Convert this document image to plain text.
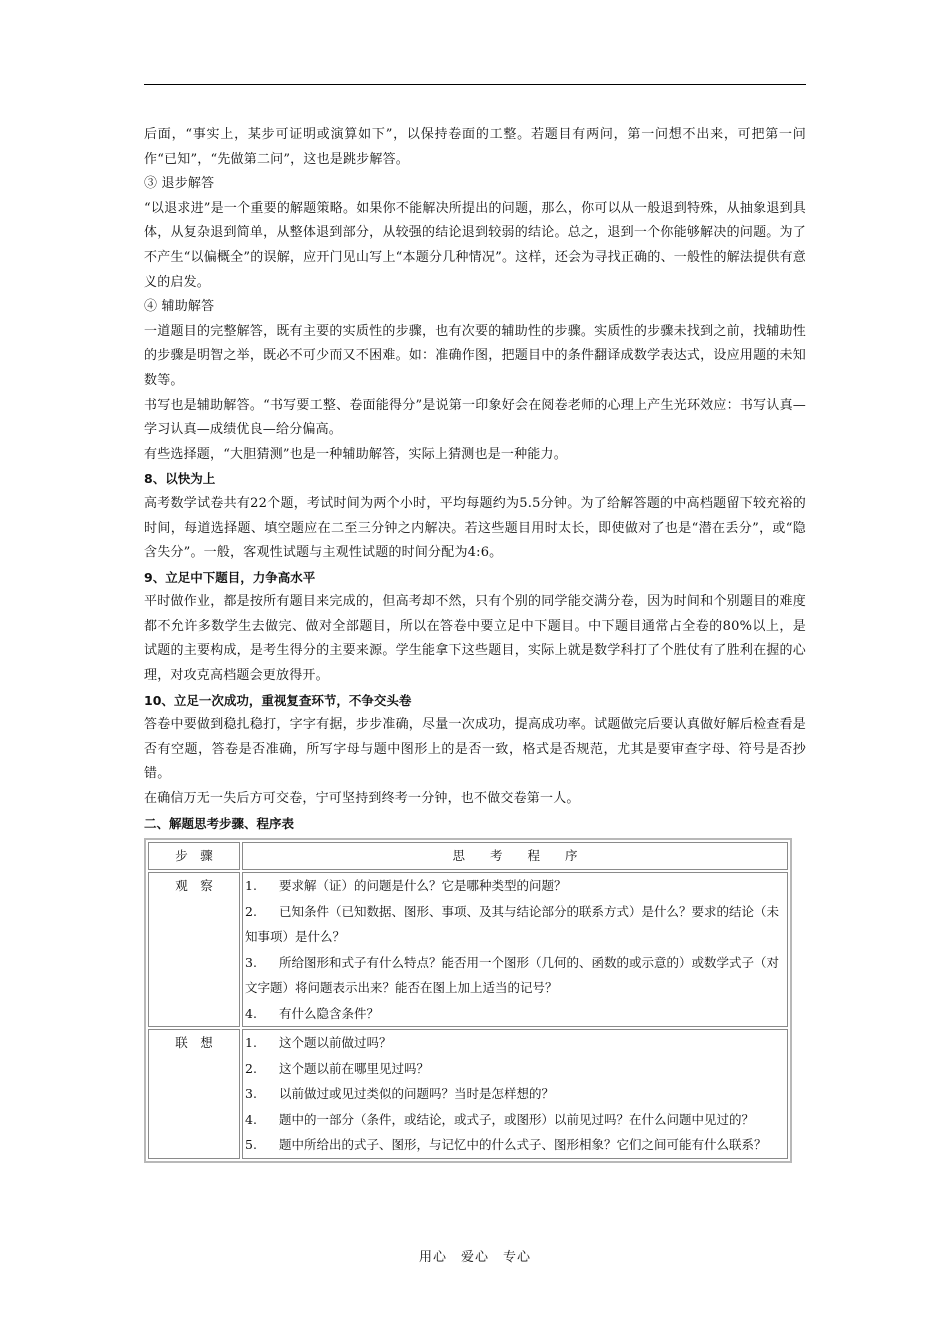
后面，“事实上，某步可证明或演算如下”，以保持卷面的工整。若题目有两问，第一问想不出来，可把第一问作“已知”，“先做第二问”，这也是跳步解答。

③ 退步解答

“以退求进”是一个重要的解题策略。如果你不能解决所提出的问题，那么，你可以从一般退到特殊，从抽象退到具体，从复杂退到简单，从整体退到部分，从较强的结论退到较弱的结论。总之，退到一个你能够解决的问题。为了不产生“以偏概全”的误解，应开门见山写上“本题分几种情况”。这样，还会为寻找正确的、一般性的解法提供有意义的启发。

④ 辅助解答

一道题目的完整解答，既有主要的实质性的步骤，也有次要的辅助性的步骤。实质性的步骤未找到之前，找辅助性的步骤是明智之举，既必不可少而又不困难。如：准确作图，把题目中的条件翻译成数学表达式，设应用题的未知数等。

书写也是辅助解答。“书写要工整、卷面能得分”是说第一印象好会在阅卷老师的心理上产生光环效应：书写认真—学习认真—成绩优良—给分偏高。

有些选择题，“大胆猜测”也是一种辅助解答，实际上猜测也是一种能力。

8、以快为上

高考数学试卷共有22个题，考试时间为两个小时，平均每题约为5.5分钟。为了给解答题的中高档题留下较充裕的时间，每道选择题、填空题应在二至三分钟之内解决。若这些题目用时太长，即使做对了也是“潜在丢分”，或“隐含失分”。一般，客观性试题与主观性试题的时间分配为4:6。

9、立足中下题目，力争高水平

平时做作业，都是按所有题目来完成的，但高考却不然，只有个别的同学能交满分卷，因为时间和个别题目的难度都不允许多数学生去做完、做对全部题目，所以在答卷中要立足中下题目。中下题目通常占全卷的80%以上，是试题的主要构成，是考生得分的主要来源。学生能拿下这些题目，实际上就是数学科打了个胜仗有了胜利在握的心理，对攻克高档题会更放得开。

10、立足一次成功，重视复查环节，不争交头卷

答卷中要做到稳扎稳打，字字有据，步步准确，尽量一次成功，提高成功率。试题做完后要认真做好解后检查看是否有空题，答卷是否准确，所写字母与题中图形上的是否一致，格式是否规范，尤其是要审查字母、符号是否抄错。

在确信万无一失后方可交卷，宁可坚持到终考一分钟，也不做交卷第一人。

二、解题思考步骤、程序表

步　骤	思　　考　　程　　序
观　察	1. 要求解（证）的问题是什么？它是哪种类型的问题？

2. 已知条件（已知数据、图形、事项、及其与结论部分的联系方式）是什么？要求的结论（未知事项）是什么？

3. 所给图形和式子有什么特点？能否用一个图形（几何的、函数的或示意的）或数学式子（对文字题）将问题表示出来？能否在图上加上适当的记号？

4. 有什么隐含条件？

联　想	1. 这个题以前做过吗？

2. 这个题以前在哪里见过吗？

3. 以前做过或见过类似的问题吗？当时是怎样想的？

4. 题中的一部分（条件，或结论，或式子，或图形）以前见过吗？在什么问题中见过的？

5. 题中所给出的式子、图形，与记忆中的什么式子、图形相象？它们之间可能有什么联系？

用心　爱心　专心
